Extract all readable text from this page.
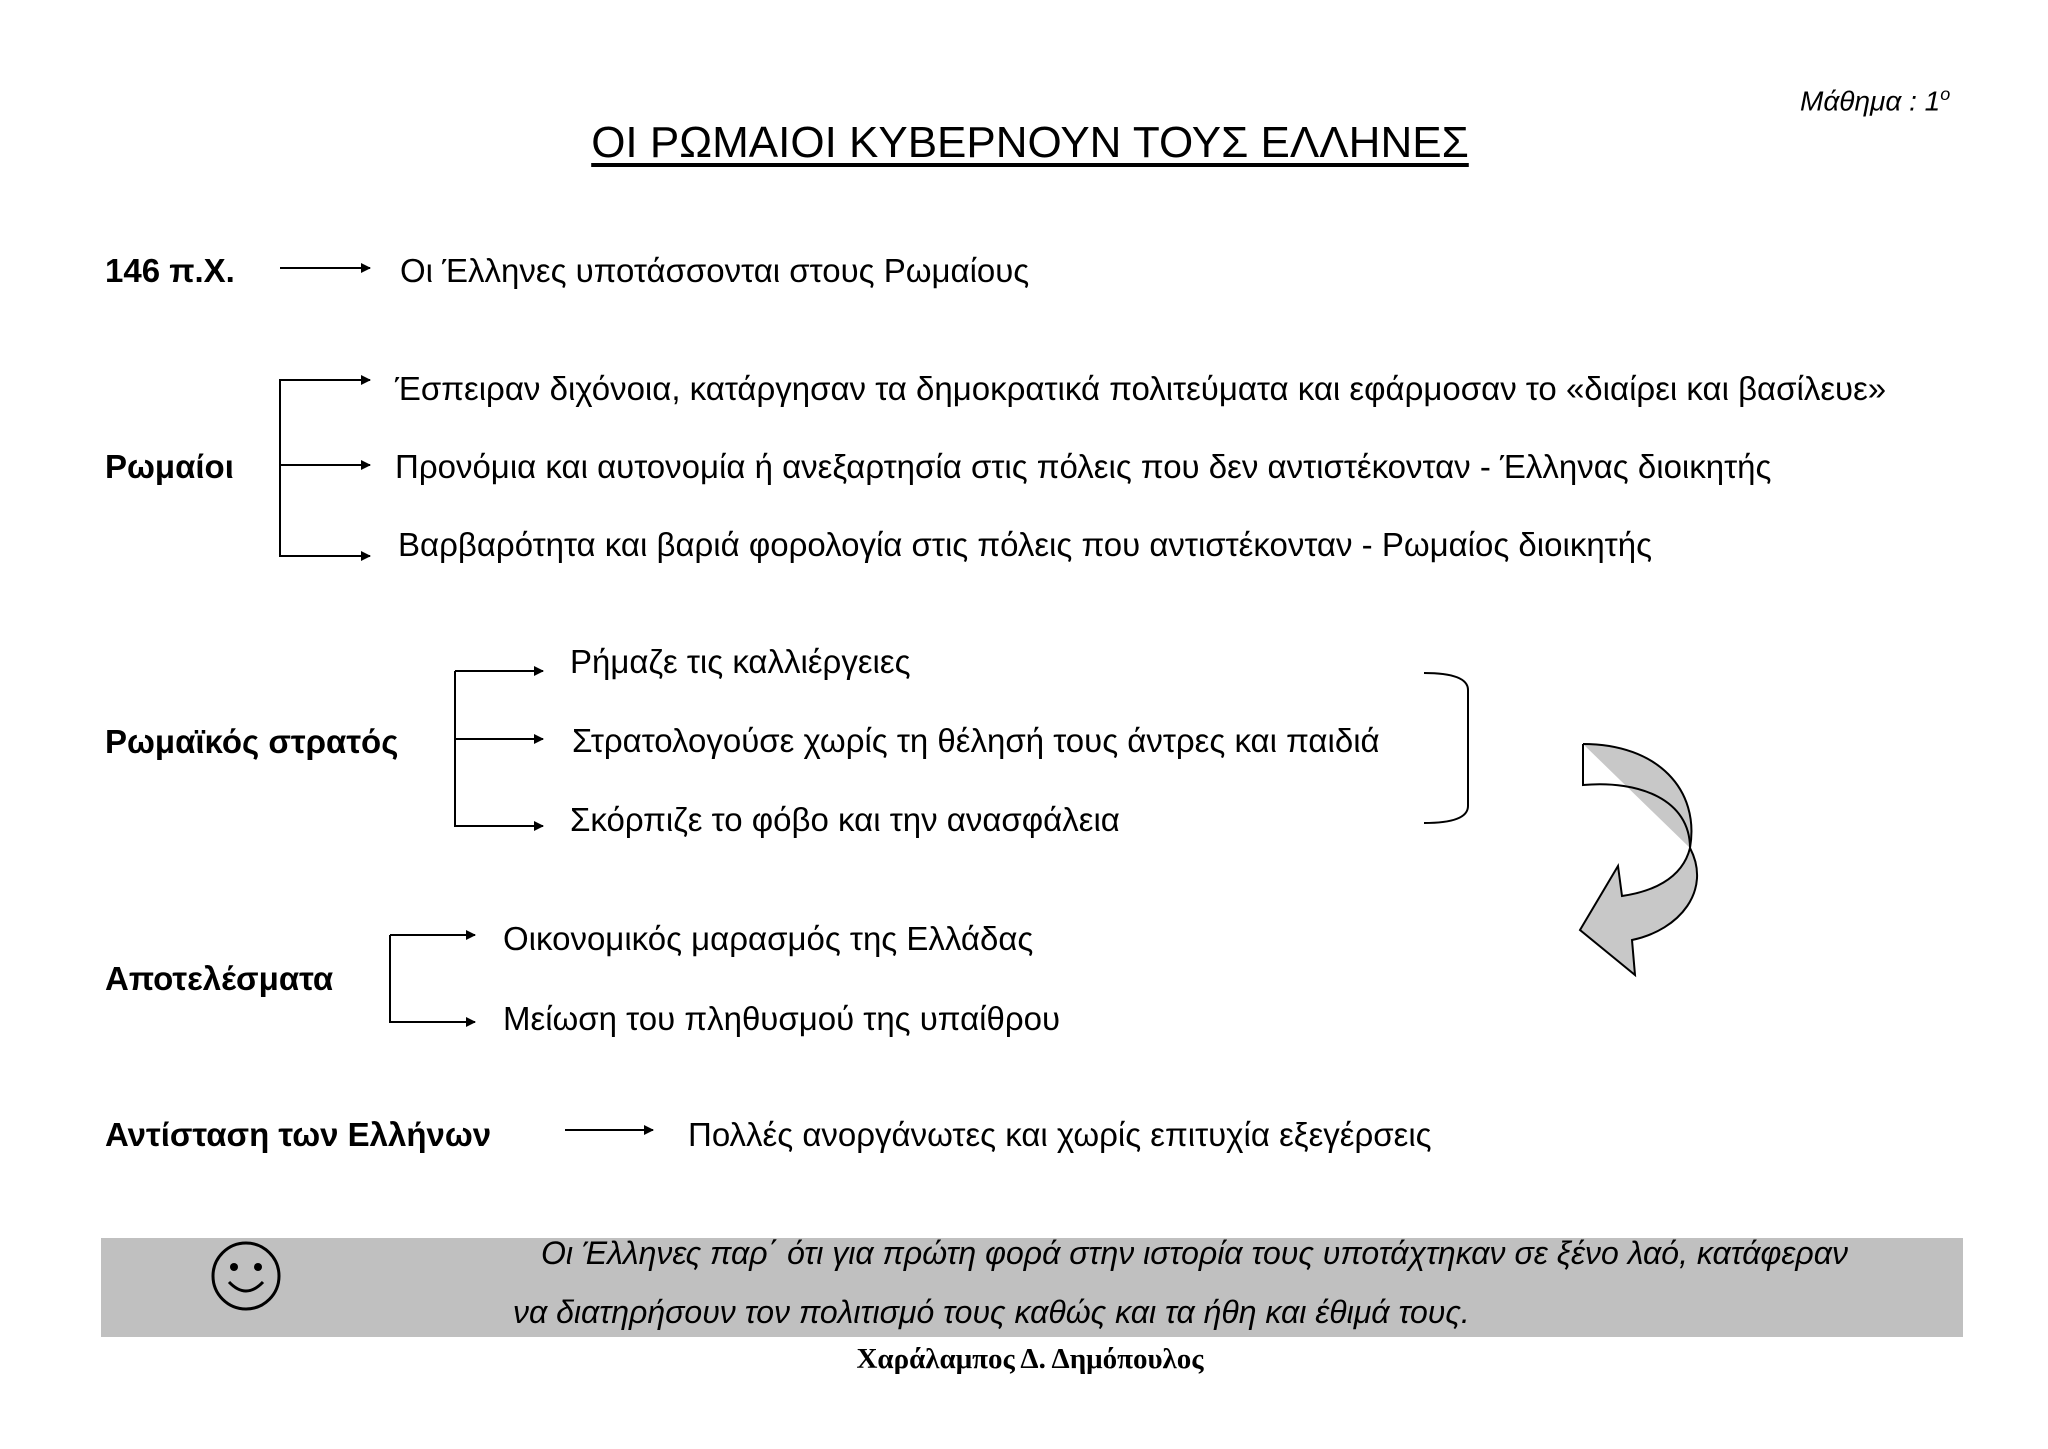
Μάθημα : $1^o$
ΟΙ ΡΩΜΑΙΟΙ ΚΥΒΕΡΝΟΥΝ ΤΟΥΣ ΕΛΛΗΝΕΣ
146 π.Χ.	Οι Έλληνες υποτάσσονται στους Ρωμαίους
Ρωμαίοι
Έσπειραν διχόνοια, κατάργησαν τα δημοκρατικά πολιτεύματα και εφάρμοσαν το «διαίρει και βασίλευε»
Προνόμια και αυτονομία ή ανεξαρτησία στις πόλεις που δεν αντιστέκονταν - Έλληνας διοικητής
Βαρβαρότητα και βαριά φορολογία στις πόλεις που αντιστέκονταν - Ρωμαίος διοικητής
Ρωμαϊκός στρατός
Ρήμαζε τις καλλιέργειες
Στρατολογούσε χωρίς τη θέλησή τους άντρες και παιδιά
Σκόρπιζε το φόβο και την ανασφάλεια
Αποτελέσματα
Οικονομικός μαρασμός της Ελλάδας
Μείωση του πληθυσμού της υπαίθρου
Αντίσταση των Ελλήνων	Πολλές ανοργάνωτες και χωρίς επιτυχία εξεγέρσεις
Οι Έλληνες παρ΄ ότι για πρώτη φορά στην ιστορία τους υποτάχτηκαν σε ξένο λαό, κατάφεραν
να διατηρήσουν τον πολιτισμό τους καθώς και τα ήθη και έθιμά τους.
Χαράλαμπος Δ. Δημόπουλος
